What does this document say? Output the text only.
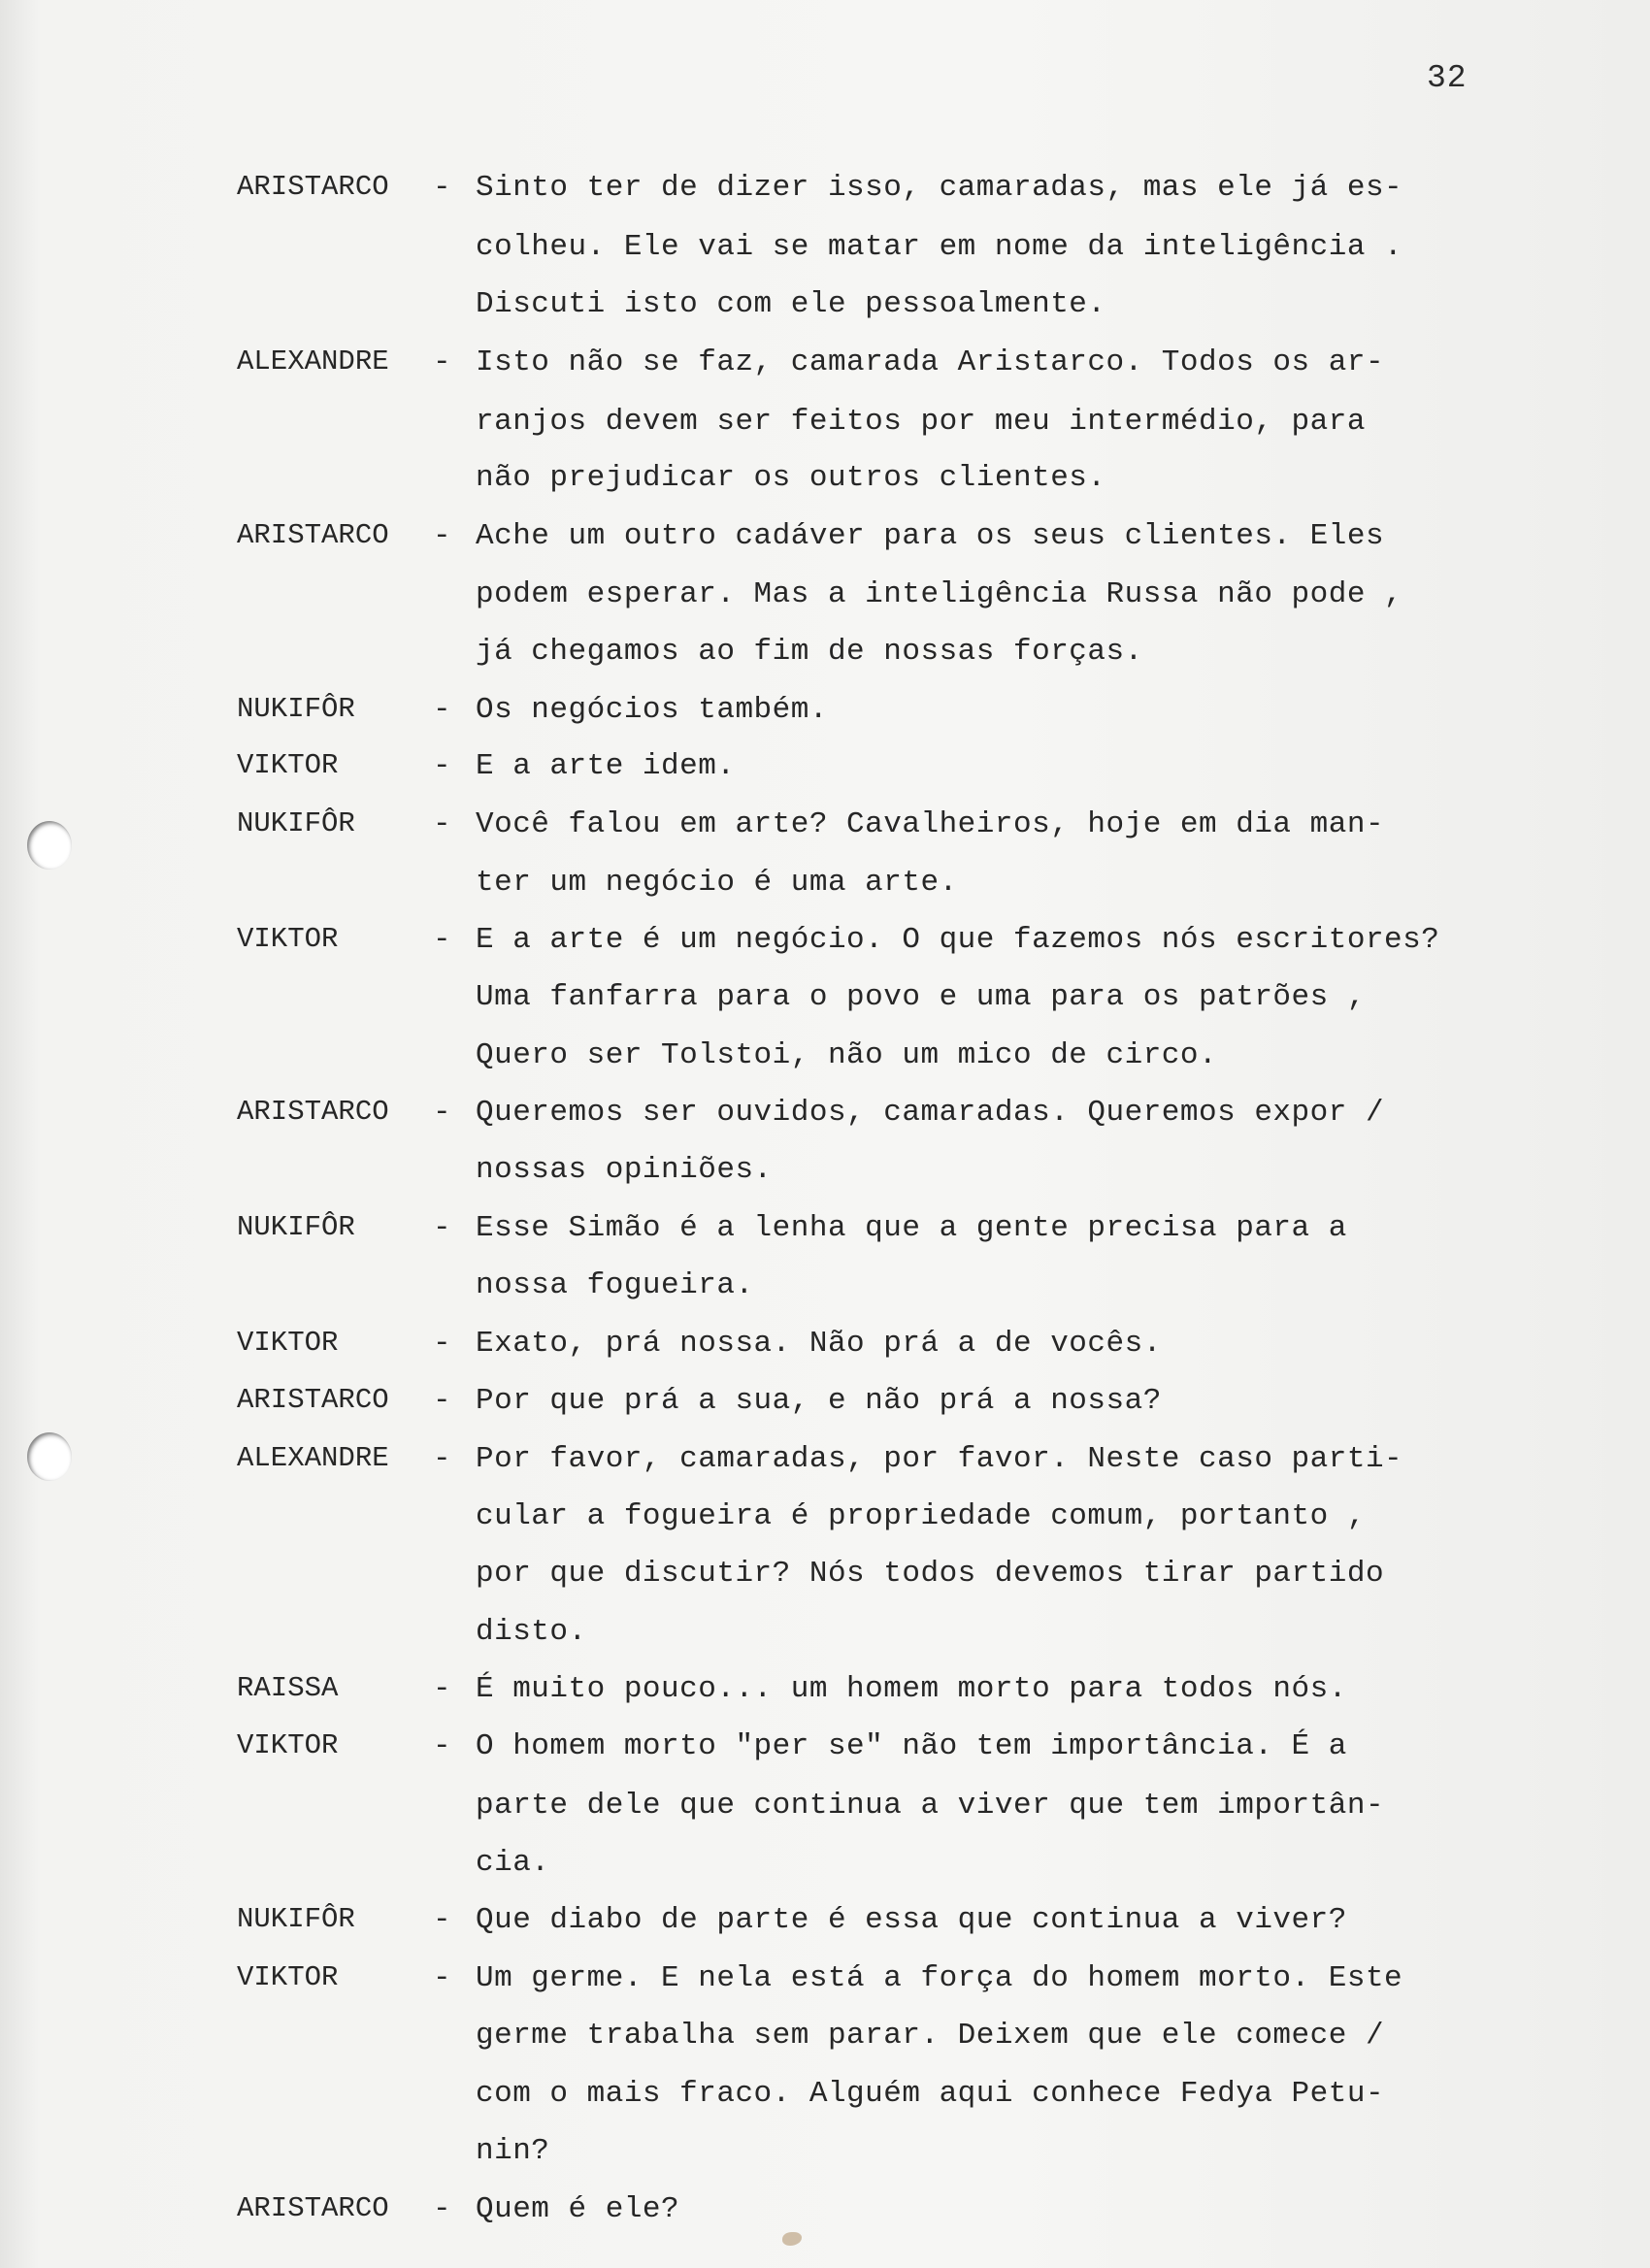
32
ARISTARCO - Sinto ter de dizer isso, camaradas, mas ele já es-
colheu. Ele vai se matar em nome da inteligência .
Discuti isto com ele pessoalmente.
ALEXANDRE - Isto não se faz, camarada Aristarco. Todos os ar-
ranjos devem ser feitos por meu intermédio, para
não prejudicar os outros clientes.
ARISTARCO - Ache um outro cadáver para os seus clientes. Eles
podem esperar. Mas a inteligência Russa não pode ,
já chegamos ao fim de nossas forças.
NUKIFÔR	- Os negócios também.
VIKTOR	- E a arte idem.
NUKIFÔR	- Você falou em arte? Cavalheiros, hoje em dia man-
ter um negócio é uma arte.
VIKTOR	- E a arte é um negócio. O que fazemos nós escritores?
Uma fanfarra para o povo e uma para os patrões ,
Quero ser Tolstoi, não um mico de circo.
ARISTARCO - Queremos ser ouvidos, camaradas. Queremos expor /
nossas opiniões.
NUKIFÔR	- Esse Simão é a lenha que a gente precisa para a
nossa fogueira.
VIKTOR	- Exato, prá nossa. Não prá a de vocês.
ARISTARCO - Por que prá a sua, e não prá a nossa?
ALEXANDRE - Por favor, camaradas, por favor. Neste caso parti-
cular a fogueira é propriedade comum, portanto ,
por que discutir? Nós todos devemos tirar partido
disto.
RAISSA	- É muito pouco... um homem morto para todos nós.
VIKTOR	- O homem morto "per se" não tem importância. É a
parte dele que continua a viver que tem importân-
cia.
NUKIFÔR	- Que diabo de parte é essa que continua a viver?
VIKTOR	- Um germe. E nela está a força do homem morto. Este
germe trabalha sem parar. Deixem que ele comece /
com o mais fraco. Alguém aqui conhece Fedya Petu-
nin?
ARISTARCO - Quem é ele?
